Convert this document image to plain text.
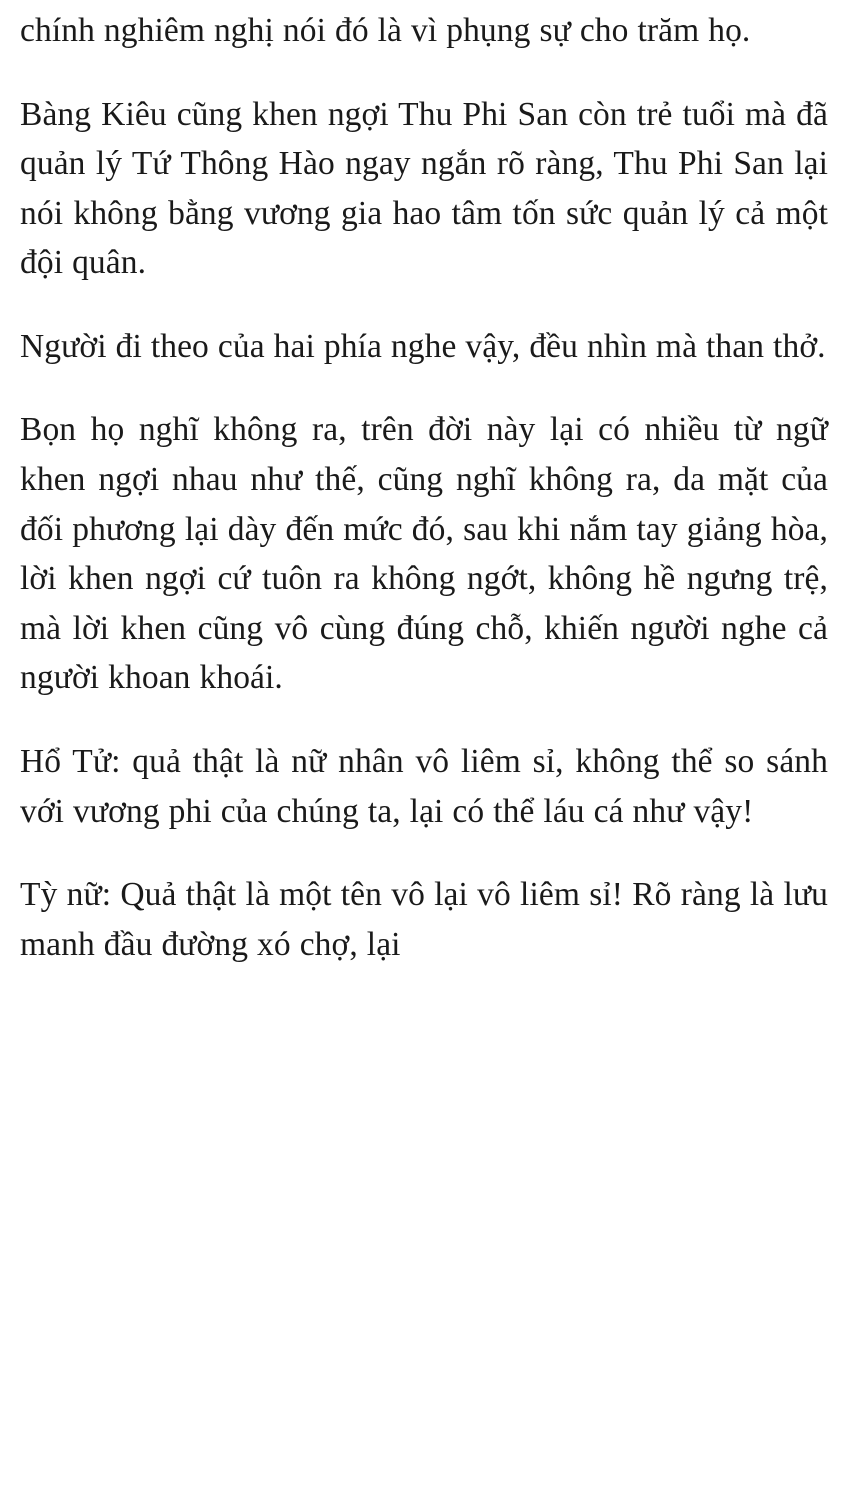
chính nghiêm nghị nói đó là vì phụng sự cho trăm họ.

Bàng Kiêu cũng khen ngợi Thu Phi San còn trẻ tuổi mà đã quản lý Tứ Thông Hào ngay ngắn rõ ràng, Thu Phi San lại nói không bằng vương gia hao tâm tốn sức quản lý cả một đội quân.

Người đi theo của hai phía nghe vậy, đều nhìn mà than thở.

Bọn họ nghĩ không ra, trên đời này lại có nhiều từ ngữ khen ngợi nhau như thế, cũng nghĩ không ra, da mặt của đối phương lại dày đến mức đó, sau khi nắm tay giảng hòa, lời khen ngợi cứ tuôn ra không ngớt, không hề ngưng trệ, mà lời khen cũng vô cùng đúng chỗ, khiến người nghe cả người khoan khoái.

Hổ Tử: quả thật là nữ nhân vô liêm sỉ, không thể so sánh với vương phi của chúng ta, lại có thể láu cá như vậy!

Tỳ nữ: Quả thật là một tên vô lại vô liêm sỉ! Rõ ràng là lưu manh đầu đường xó chợ, lại
